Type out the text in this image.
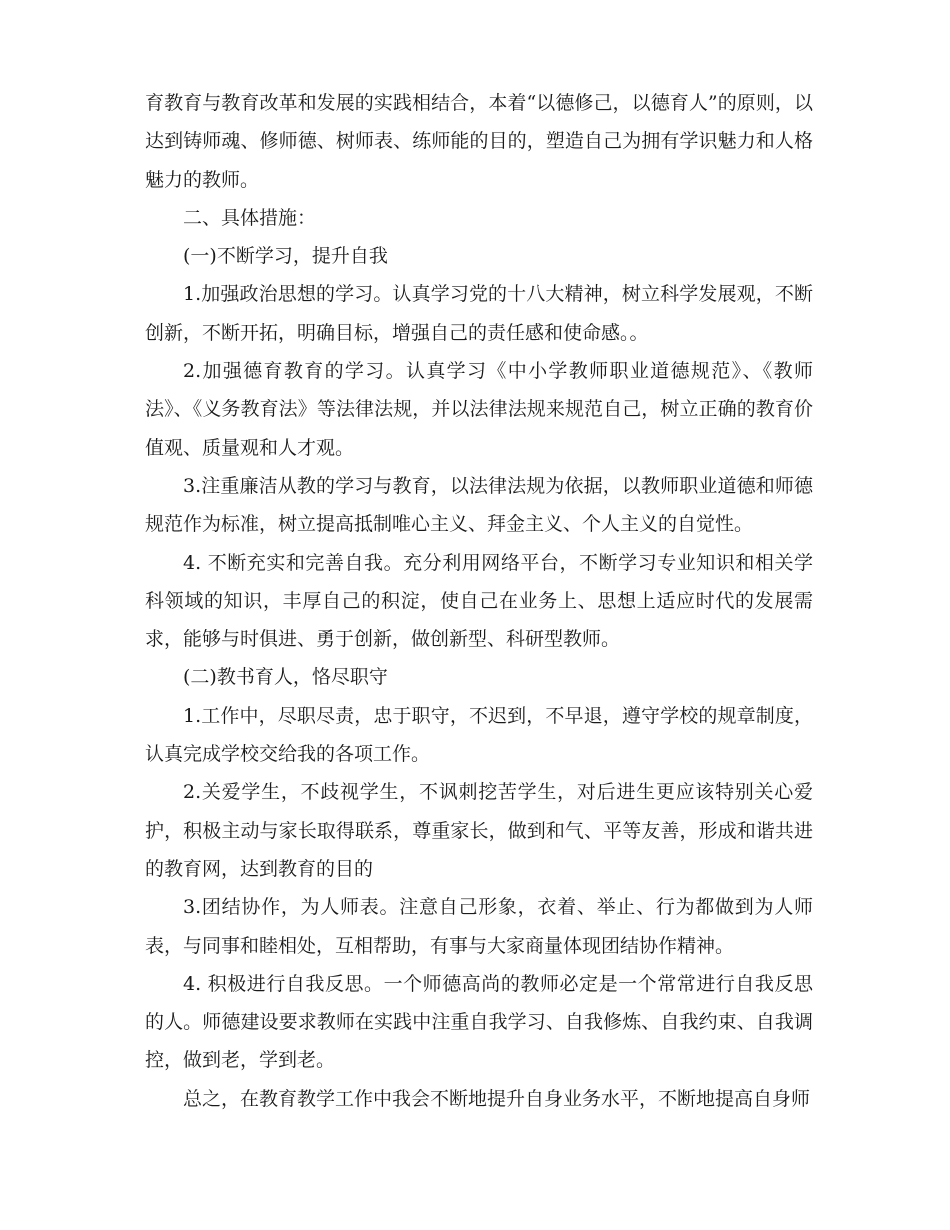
育教育与教育改革和发展的实践相结合，本着“以德修己，以德育人”的原则，以达到铸师魂、修师德、树师表、练师能的目的，塑造自己为拥有学识魅力和人格魅力的教师。

二、具体措施：

(一)不断学习，提升自我

1.加强政治思想的学习。认真学习党的十八大精神，树立科学发展观，不断创新，不断开拓，明确目标，增强自己的责任感和使命感。。

2.加强德育教育的学习。认真学习《中小学教师职业道德规范》、《教师法》、《义务教育法》等法律法规，并以法律法规来规范自己，树立正确的教育价值观、质量观和人才观。

3.注重廉洁从教的学习与教育，以法律法规为依据，以教师职业道德和师德规范作为标准，树立提高抵制唯心主义、拜金主义、个人主义的自觉性。

4. 不断充实和完善自我。充分利用网络平台，不断学习专业知识和相关学科领域的知识，丰厚自己的积淀，使自己在业务上、思想上适应时代的发展需求，能够与时俱进、勇于创新，做创新型、科研型教师。

(二)教书育人，恪尽职守

1.工作中，尽职尽责，忠于职守，不迟到，不早退，遵守学校的规章制度，认真完成学校交给我的各项工作。

2.关爱学生，不歧视学生，不讽刺挖苦学生，对后进生更应该特别关心爱护，积极主动与家长取得联系，尊重家长，做到和气、平等友善，形成和谐共进的教育网，达到教育的目的

3.团结协作，为人师表。注意自己形象，衣着、举止、行为都做到为人师表，与同事和睦相处，互相帮助，有事与大家商量体现团结协作精神。

4. 积极进行自我反思。一个师德高尚的教师必定是一个常常进行自我反思的人。师德建设要求教师在实践中注重自我学习、自我修炼、自我约束、自我调控，做到老，学到老。

总之，在教育教学工作中我会不断地提升自身业务水平，不断地提高自身师
